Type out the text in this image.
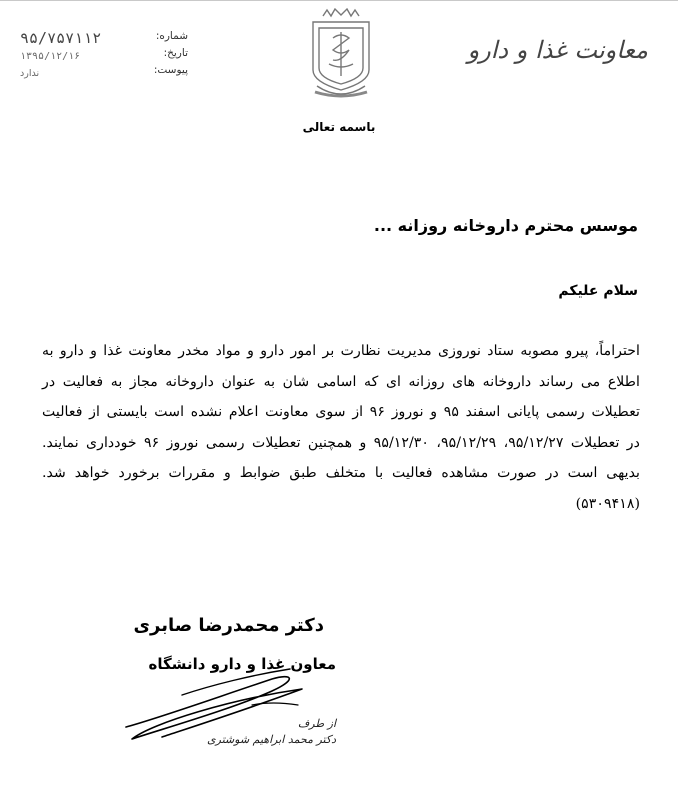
معاونت غذا و دارو
شماره:
تاریخ:
پیوست:
۹۵/۷۵۷۱۱۲
۱۳۹۵/۱۲/۱۶
ندارد
باسمه تعالی
موسس محترم داروخانه روزانه ...
سلام علیکم
احتراماً، پیرو مصوبه ستاد نوروزی مدیریت نظارت بر امور دارو و مواد مخدر معاونت غذا و دارو به اطلاع می رساند داروخانه های روزانه ای که اسامی شان به عنوان داروخانه مجاز به فعالیت در تعطیلات رسمی پایانی اسفند ۹۵ و نوروز ۹۶ از سوی معاونت اعلام نشده است بایستی از فعالیت در تعطیلات ۹۵/۱۲/۲۷، ۹۵/۱۲/۲۹، ۹۵/۱۲/۳۰ و همچنین تعطیلات رسمی نوروز ۹۶ خودداری نمایند. بدیهی است در صورت مشاهده فعالیت با متخلف طبق ضوابط و مقررات برخورد خواهد شد.(۵۳۰۹۴۱۸)
دکتر محمدرضا صابری
معاون غذا و دارو دانشگاه
از طرف
دکتر محمد ابراهیم شوشتری
